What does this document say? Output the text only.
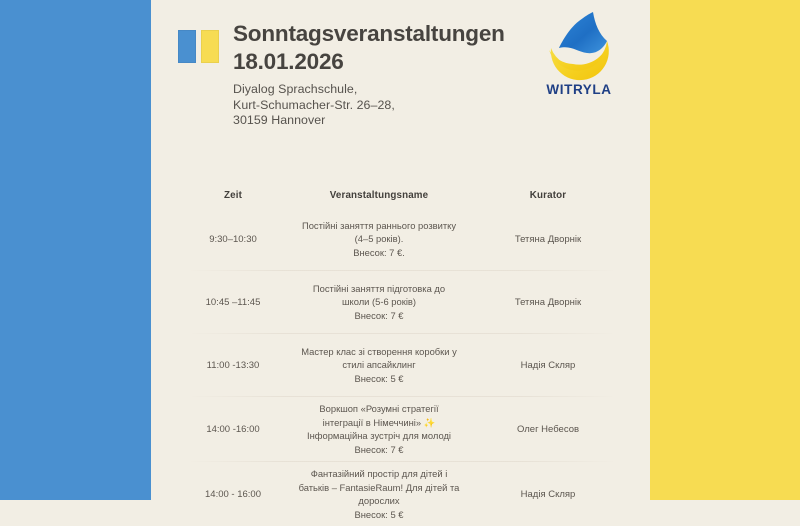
Sonntagsveranstaltungen
18.01.2026
Diyalog Sprachschule,
Kurt-Schumacher-Str. 26–28,
30159 Hannover
WITRYLA
Zeit	Veranstaltungsname	Kurator
9:30–10:30
Постійні заняття раннього розвитку
(4–5 років).
Внесок: 7 €.
Тетяна Дворнік
10:45 –11:45
Постійні заняття підготовка до
школи (5-6 років)
Внесок: 7 €
Тетяна Дворнік
11:00 -13:30
Мастер клас зі створення коробки у
стилі апсайклинг
Внесок: 5 €
Надія Скляр
14:00 -16:00
Воркшоп «Розумні стратегії
інтеграції в Німеччині» ✨
Інформаційна зустріч для молоді
Внесок: 7 €
Олег Небесов
14:00 - 16:00
Фантазійний простір для дітей і
батьків – FantasieRaum! Для дітей та
дорослих
Внесок: 5 €
Надія Скляр
